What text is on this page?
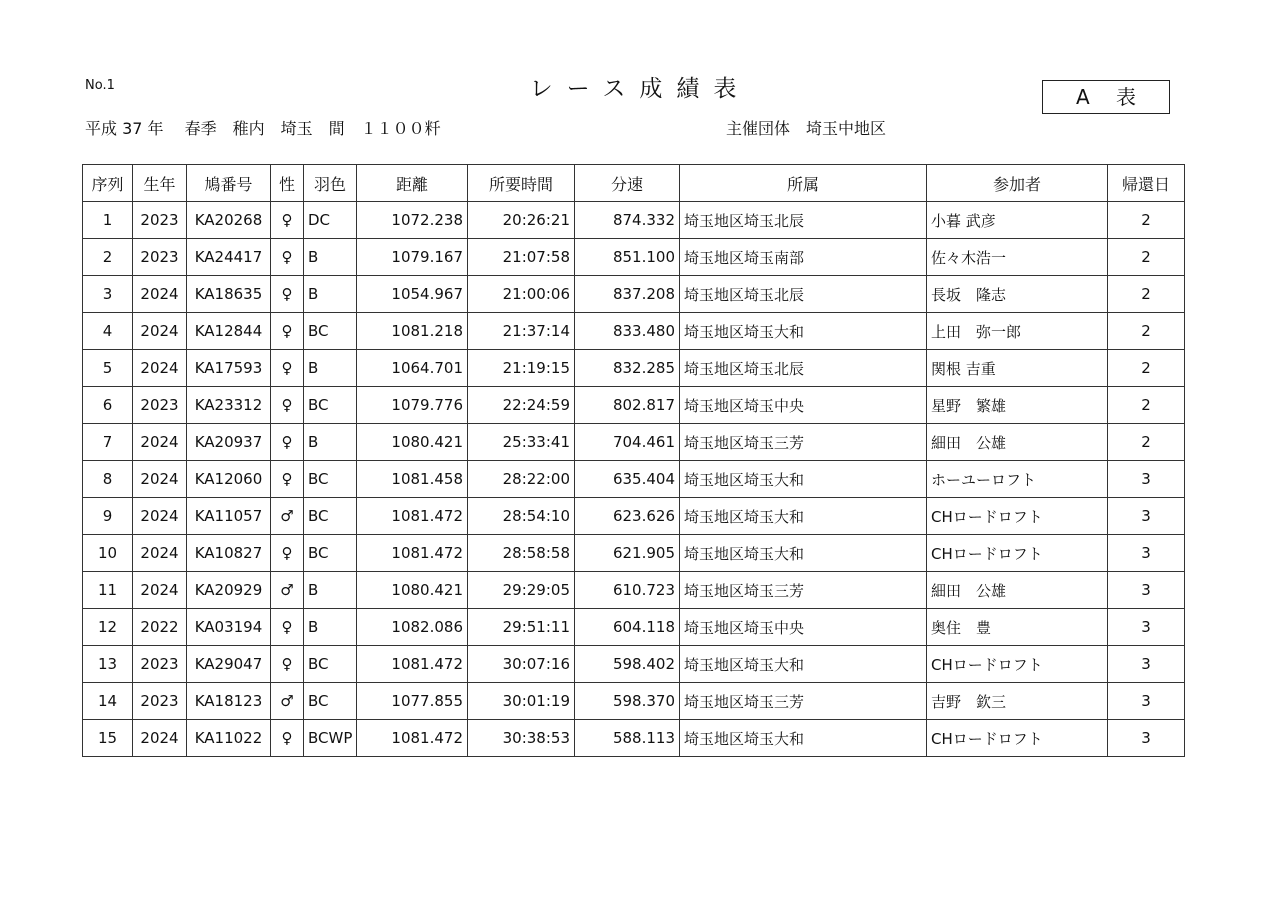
No.1	レース成績表	A 表
平成 37 年　 春季　稚内　埼玉　間　１１００粁	主催団体　埼玉中地区
序列	生年	鳩番号	性	羽色	距離	所要時間	分速	所属	参加者	帰還日
1	2023	KA20268	♀	DC	1072.238	20:26:21	874.332	埼玉地区埼玉北辰	小暮 武彦	2
2	2023	KA24417	♀	B	1079.167	21:07:58	851.100	埼玉地区埼玉南部	佐々木浩一	2
3	2024	KA18635	♀	B	1054.967	21:00:06	837.208	埼玉地区埼玉北辰	長坂　隆志	2
4	2024	KA12844	♀	BC	1081.218	21:37:14	833.480	埼玉地区埼玉大和	上田　弥一郎	2
5	2024	KA17593	♀	B	1064.701	21:19:15	832.285	埼玉地区埼玉北辰	関根 吉重	2
6	2023	KA23312	♀	BC	1079.776	22:24:59	802.817	埼玉地区埼玉中央	星野　繁雄	2
7	2024	KA20937	♀	B	1080.421	25:33:41	704.461	埼玉地区埼玉三芳	細田　公雄	2
8	2024	KA12060	♀	BC	1081.458	28:22:00	635.404	埼玉地区埼玉大和	ホーユーロフト	3
9	2024	KA11057	♂	BC	1081.472	28:54:10	623.626	埼玉地区埼玉大和	CHロードロフト	3
10	2024	KA10827	♀	BC	1081.472	28:58:58	621.905	埼玉地区埼玉大和	CHロードロフト	3
11	2024	KA20929	♂	B	1080.421	29:29:05	610.723	埼玉地区埼玉三芳	細田　公雄	3
12	2022	KA03194	♀	B	1082.086	29:51:11	604.118	埼玉地区埼玉中央	奥住　豊	3
13	2023	KA29047	♀	BC	1081.472	30:07:16	598.402	埼玉地区埼玉大和	CHロードロフト	3
14	2023	KA18123	♂	BC	1077.855	30:01:19	598.370	埼玉地区埼玉三芳	吉野　欽三	3
15	2024	KA11022	♀	BCWP	1081.472	30:38:53	588.113	埼玉地区埼玉大和	CHロードロフト	3
